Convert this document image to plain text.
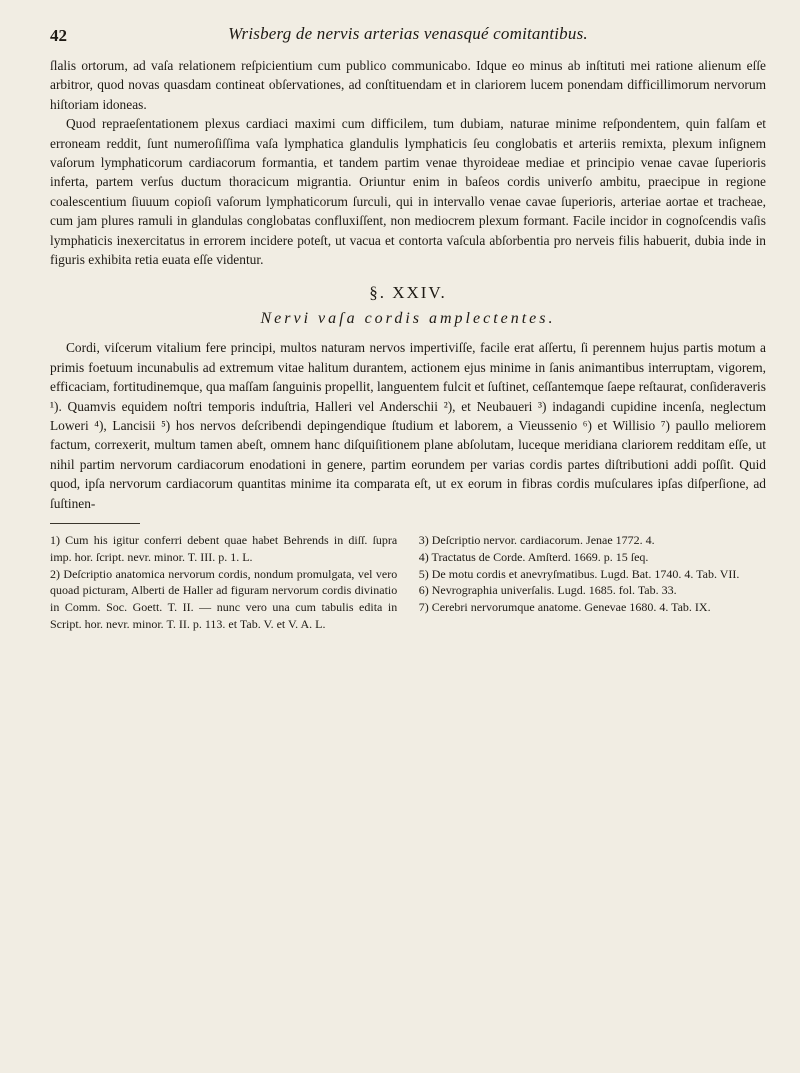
42	Wrisberg de nervis arterias venasqué comitantibus.

ſlalis ortorum, ad vaſa relationem reſpicientium cum publico communicabo. Idque eo minus ab inſtituti mei ratione alienum eſſe arbitror, quod novas quasdam contineat obſervationes, ad conſtituendam et in clariorem lucem ponendam difficillimorum nervorum hiſtoriam idoneas.

Quod repraeſentationem plexus cardiaci maximi cum difficilem, tum dubiam, naturae minime reſpondentem, quin falſam et erroneam reddit, ſunt numeroſiſſima vaſa lymphatica glandulis lymphaticis ſeu conglobatis et arteriis remixta, plexum inſignem vaſorum lymphaticorum cardiacorum formantia, et tandem partim venae thyroideae mediae et principio venae cavae ſuperioris inferta, partem verſus ductum thoracicum migrantia. Oriuntur enim in baſeos cordis univerſo ambitu, praecipue in regione coalescentium ſiuuum copioſi vaſorum lymphaticorum ſurculi, qui in intervallo venae cavae ſuperioris, arteriae aortae et tracheae, cum jam plures ramuli in glandulas conglobatas confluxiſſent, non mediocrem plexum formant. Facile incidor in cognoſcendis vaſis lymphaticis inexercitatus in errorem incidere poteſt, ut vacua et contorta vaſcula abſorbentia pro nerveis filis habuerit, dubia inde in figuris exhibita retia euata eſſe videntur.

§. XXIV.
Nervi vaſa cordis amplectentes.

Cordi, viſcerum vitalium fere principi, multos naturam nervos impertiviſſe, facile erat aſſertu, ſi perennem hujus partis motum a primis foetuum incunabulis ad extremum vitae halitum durantem, actionem ejus minime in ſanis animantibus interruptam, vigorem, efficaciam, fortitudinemque, qua maſſam ſanguinis propellit, languentem fulcit et ſuſtinet, ceſſantemque ſaepe reſtaurat, conſideraveris ¹). Quamvis equidem noſtri temporis induſtria, Halleri vel Anderschii ²), et Neubaueri ³) indagandi cupidine incenſa, neglectum Loweri ⁴), Lancisii ⁵) hos nervos deſcribendi depingendique ſtudium et laborem, a Vieussenio ⁶) et Willisio ⁷) paullo meliorem factum, correxerit, multum tamen abeſt, omnem hanc diſquiſitionem plane abſolutam, luceque meridiana clariorem redditam eſſe, ut nihil partim nervorum cardiacorum enodationi in genere, partim eorundem per varias cordis partes diſtributioni addi poſſit. Quid quod, ipſa nervorum cardiacorum quantitas minime ita comparata eſt, ut ex eorum in fibras cordis muſculares ipſas diſperſione, ad ſuſtinen-

1) Cum his igitur conferri debent quae habet Behrends in diſſ. ſupra imp. hor. ſcript. nevr. minor. T. III. p. 1. L.

2) Deſcriptio anatomica nervorum cordis, nondum promulgata, vel vero quoad picturam, Alberti de Haller ad figuram nervorum cordis divinatio in Comm. Soc. Goett. T. II. — nunc vero una cum tabulis edita in Script. hor. nevr. minor. T. II. p. 113. et Tab. V. et V. A. L.

3) Deſcriptio nervor. cardiacorum. Jenae 1772. 4.

4) Tractatus de Corde. Amſterd. 1669. p. 15 ſeq.

5) De motu cordis et anevryſmatibus. Lugd. Bat. 1740. 4. Tab. VII.

6) Nevrographia univerſalis. Lugd. 1685. fol. Tab. 33.

7) Cerebri nervorumque anatome. Genevae 1680. 4. Tab. IX.
